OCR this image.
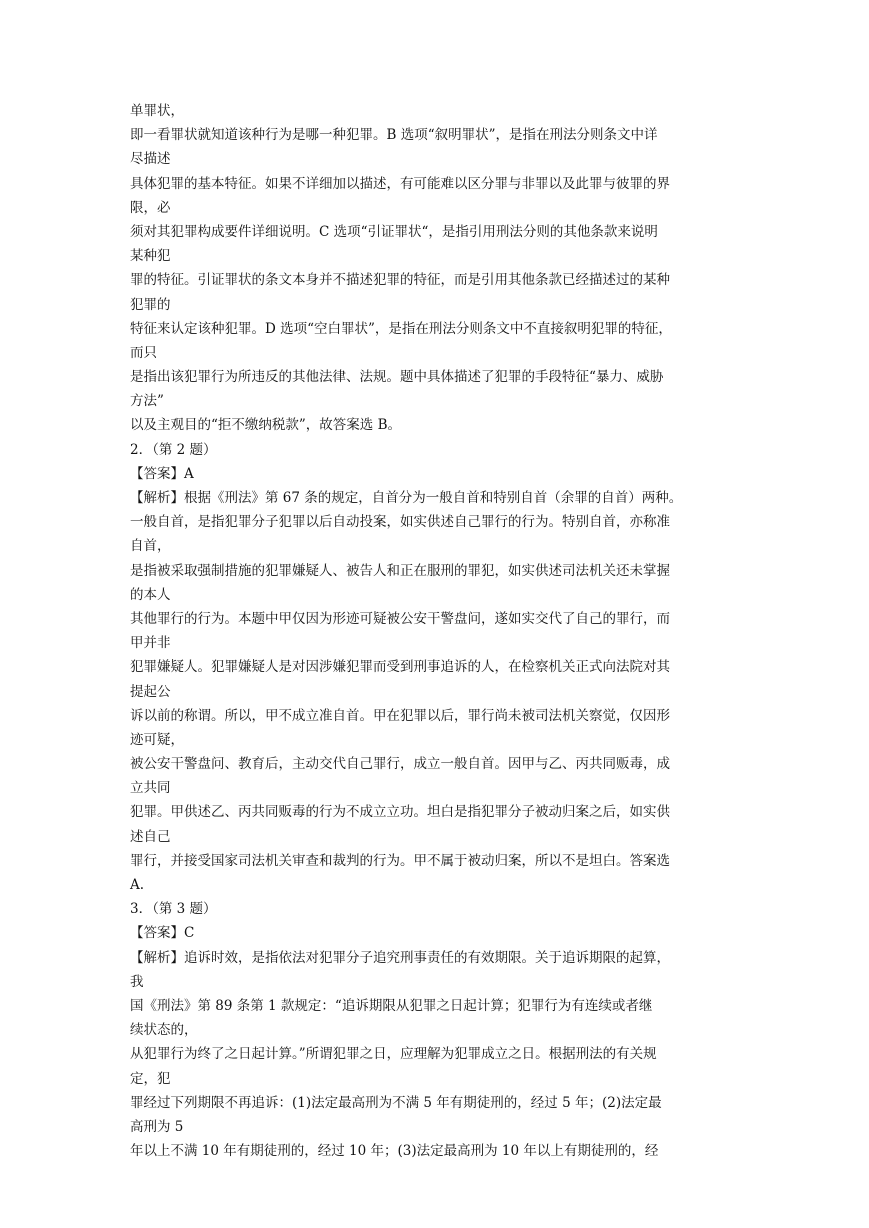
单罪状，
即一看罪状就知道该种行为是哪一种犯罪。B 选项“叙明罪状”，是指在刑法分则条文中详
尽描述
具体犯罪的基本特征。如果不详细加以描述，有可能难以区分罪与非罪以及此罪与彼罪的界
限，必
须对其犯罪构成要件详细说明。C 选项“引证罪状“，是指引用刑法分则的其他条款来说明
某种犯
罪的特征。引证罪状的条文本身并不描述犯罪的特征，而是引用其他条款已经描述过的某种
犯罪的
特征来认定该种犯罪。D 选项“空白罪状”，是指在刑法分则条文中不直接叙明犯罪的特征，
而只
是指出该犯罪行为所违反的其他法律、法规。题中具体描述了犯罪的手段特征“暴力、威胁
方法”
以及主观目的“拒不缴纳税款”，故答案选 B。
2．（第 2 题）
【答案】A
【解析】根据《刑法》第 67 条的规定，自首分为一般自首和特别自首（余罪的自首）两种。
一般自首，是指犯罪分子犯罪以后自动投案，如实供述自己罪行的行为。特别自首，亦称准
自首，
是指被采取强制措施的犯罪嫌疑人、被告人和正在服刑的罪犯，如实供述司法机关还未掌握
的本人
其他罪行的行为。本题中甲仅因为形迹可疑被公安干警盘问，遂如实交代了自己的罪行，而
甲并非
犯罪嫌疑人。犯罪嫌疑人是对因涉嫌犯罪而受到刑事追诉的人，在检察机关正式向法院对其
提起公
诉以前的称谓。所以，甲不成立准自首。甲在犯罪以后，罪行尚未被司法机关察觉，仅因形
迹可疑，
被公安干警盘问、教育后，主动交代自己罪行，成立一般自首。因甲与乙、丙共同贩毒，成
立共同
犯罪。甲供述乙、丙共同贩毒的行为不成立立功。坦白是指犯罪分子被动归案之后，如实供
述自己
罪行，并接受国家司法机关审查和裁判的行为。甲不属于被动归案，所以不是坦白。答案选
A.
3．（第 3 题）
【答案】C
【解析】追诉时效，是指依法对犯罪分子追究刑事责任的有效期限。关于追诉期限的起算，
我
国《刑法》第 89 条第 1 款规定：“追诉期限从犯罪之日起计算；犯罪行为有连续或者继
续状态的，
从犯罪行为终了之日起计算。”所谓犯罪之日，应理解为犯罪成立之日。根据刑法的有关规
定，犯
罪经过下列期限不再追诉：(1)法定最高刑为不满 5 年有期徒刑的，经过 5 年；(2)法定最
高刑为 5
年以上不满 10 年有期徒刑的，经过 10 年；(3)法定最高刑为 10 年以上有期徒刑的，经
